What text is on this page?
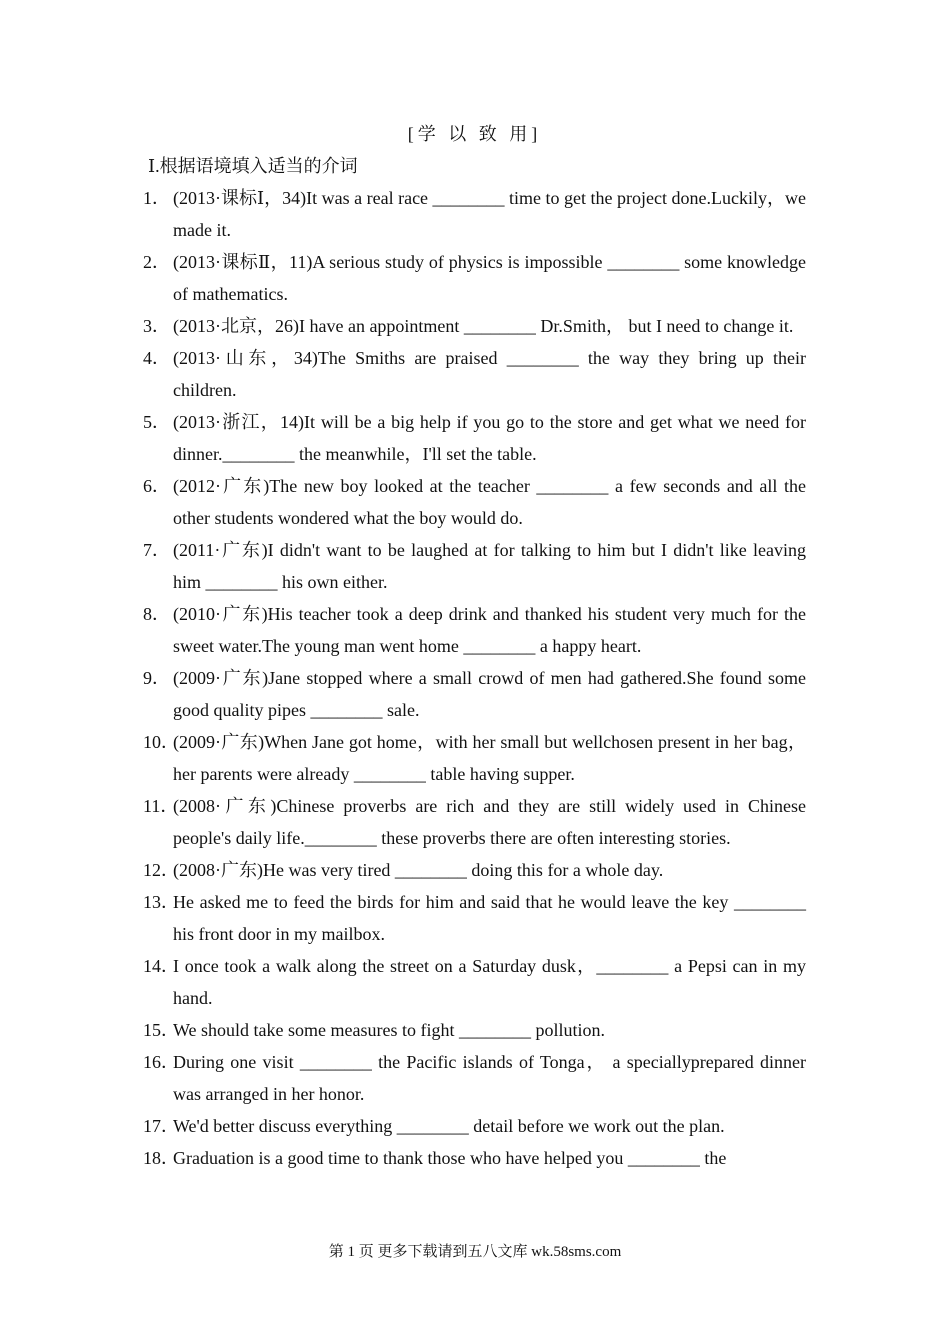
[学 以 致 用]
Ⅰ.根据语境填入适当的介词
1． (2013·课标Ⅰ，34)It was a real race ________ time to get the project done.Luckily，we made it.
2． (2013·课标Ⅱ，11)A serious study of physics is impossible ________ some knowledge of mathematics.
3． (2013·北京，26)I have an appointment ________ Dr.Smith， but I need to change it.
4． (2013·山东，34)The Smiths are praised ________ the way they bring up their children.
5． (2013·浙江，14)It will be a big help if you go to the store and get what we need for dinner.________ the meanwhile，I'll set the table.
6． (2012·广东)The new boy looked at the teacher ________ a few seconds and all the other students wondered what the boy would do.
7． (2011·广东)I didn't want to be laughed at for talking to him but I didn't like leaving him ________ his own either.
8． (2010·广东)His teacher took a deep drink and thanked his student very much for the sweet water.The young man went home ________ a happy heart.
9． (2009·广东)Jane stopped where a small crowd of men had gathered.She found some good quality pipes ________ sale.
10．
(2009·广东)When Jane got home，with her small but wellchosen present in her bag，her parents were already ________ table having supper.
11．
(2008·广东)Chinese proverbs are rich and they are still widely used in Chinese people's daily life.________ these proverbs there are often interesting stories.
12．
(2008·广东)He was very tired ________ doing this for a whole day.
13．
He asked me to feed the birds for him and said that he would leave the key ________ his front door in my mailbox.
14．
I once took a walk along the street on a Saturday dusk，________ a Pepsi can in my hand.
15．
We should take some measures to fight ________ pollution.
16．
During one visit ________ the Pacific islands of Tonga， a speciallyprepared dinner was arranged in her honor.
17．
We'd better discuss everything ________ detail before we work out the plan.
18．
Graduation is a good time to thank those who have helped you ________ the
第 1 页 更多下载请到五八文库 wk.58sms.com
